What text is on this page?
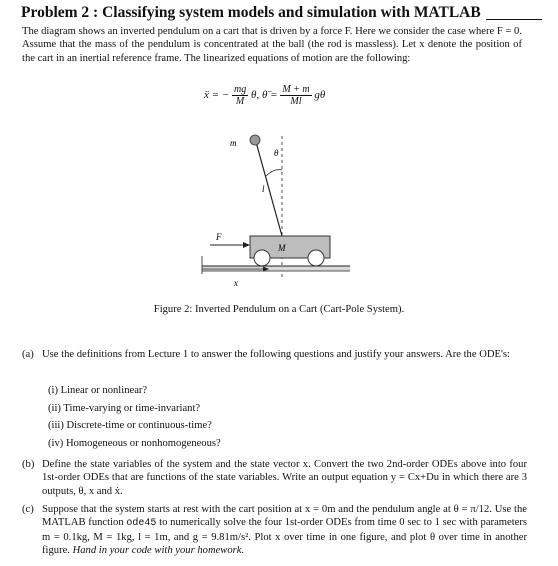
Problem 2 : Classifying system models and simulation with MATLAB
The diagram shows an inverted pendulum on a cart that is driven by a force F. Here we consider the case where F = 0. Assume that the mass of the pendulum is concentrated at the ball (the rod is massless). Let x denote the position of the cart in an inertial reference frame. The linearized equations of motion are the following:
ẍ = − $\frac{mg}{M} \theta$, θ̈ = $\frac{M + m}{Ml}$ gθ
m
θ
l
M
F
x
Figure 2: Inverted Pendulum on a Cart (Cart-Pole System).
(a) Use the definitions from Lecture 1 to answer the following questions and justify your answers. Are the ODE's:
(i) Linear or nonlinear?
(ii) Time-varying or time-invariant?
(iii) Discrete-time or continuous-time?
(iv) Homogeneous or nonhomogeneous?
(b) Define the state variables of the system and the state vector x. Convert the two 2nd-order ODEs above into four 1st-order ODEs that are functions of the state variables. Write an output equation y = Cx+Du in which there are 3 outputs, θ, x and ẋ.
(c) Suppose that the system starts at rest with the cart position at x = 0m and the pendulum angle at θ = π/12. Use the MATLAB function ode45 to numerically solve the four 1st-order ODEs from time 0 sec to 1 sec with parameters m = 0.1kg, M = 1kg, l = 1m, and g = 9.81m/s². Plot x over time in one figure, and plot θ over time in another figure. Hand in your code with your homework.
